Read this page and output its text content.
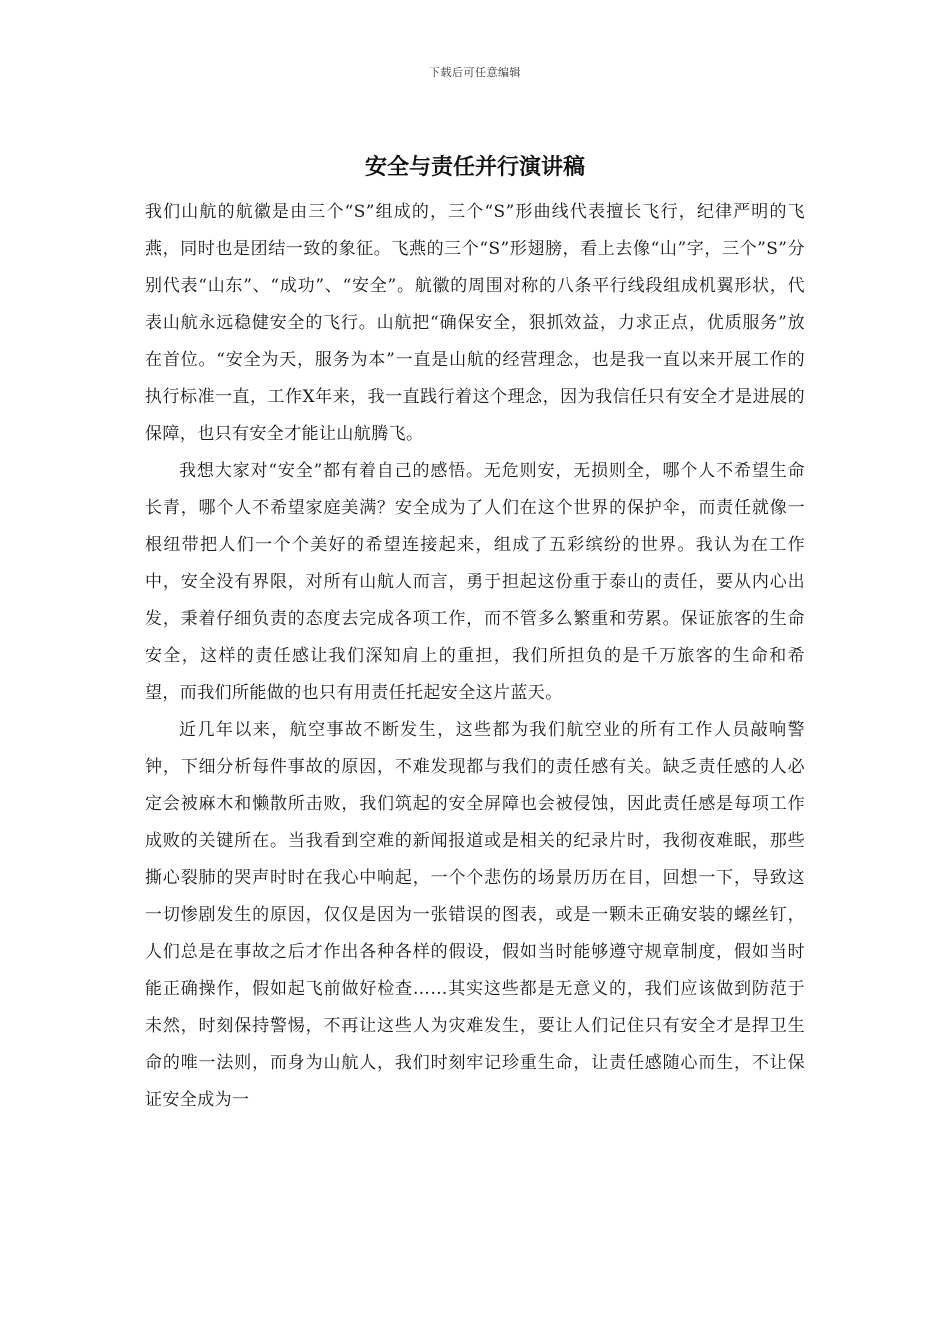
下载后可任意编辑
安全与责任并行演讲稿

我们山航的航徽是由三个“S”组成的，三个“S”形曲线代表擅长飞行，纪律严明的飞燕，同时也是团结一致的象征。飞燕的三个“S”形翅膀，看上去像“山”字，三个”S”分别代表“山东”、“成功”、“安全”。航徽的周围对称的八条平行线段组成机翼形状，代表山航永远稳健安全的飞行。山航把“确保安全，狠抓效益，力求正点，优质服务”放在首位。“安全为天，服务为本”一直是山航的经营理念，也是我一直以来开展工作的执行标准一直，工作X年来，我一直践行着这个理念，因为我信任只有安全才是进展的保障，也只有安全才能让山航腾飞。

我想大家对“安全”都有着自己的感悟。无危则安，无损则全，哪个人不希望生命长青，哪个人不希望家庭美满？安全成为了人们在这个世界的保护伞，而责任就像一根纽带把人们一个个美好的希望连接起来，组成了五彩缤纷的世界。我认为在工作中，安全没有界限，对所有山航人而言，勇于担起这份重于泰山的责任，要从内心出发，秉着仔细负责的态度去完成各项工作，而不管多么繁重和劳累。保证旅客的生命安全，这样的责任感让我们深知肩上的重担，我们所担负的是千万旅客的生命和希望，而我们所能做的也只有用责任托起安全这片蓝天。

近几年以来，航空事故不断发生，这些都为我们航空业的所有工作人员敲响警钟，下细分析每件事故的原因，不难发现都与我们的责任感有关。缺乏责任感的人必定会被麻木和懒散所击败，我们筑起的安全屏障也会被侵蚀，因此责任感是每项工作成败的关键所在。当我看到空难的新闻报道或是相关的纪录片时，我彻夜难眠，那些撕心裂肺的哭声时时在我心中响起，一个个悲伤的场景历历在目，回想一下，导致这一切惨剧发生的原因，仅仅是因为一张错误的图表，或是一颗未正确安装的螺丝钉，人们总是在事故之后才作出各种各样的假设，假如当时能够遵守规章制度，假如当时能正确操作，假如起飞前做好检查……其实这些都是无意义的，我们应该做到防范于未然，时刻保持警惕，不再让这些人为灾难发生，要让人们记住只有安全才是捍卫生命的唯一法则，而身为山航人，我们时刻牢记珍重生命，让责任感随心而生，不让保证安全成为一
